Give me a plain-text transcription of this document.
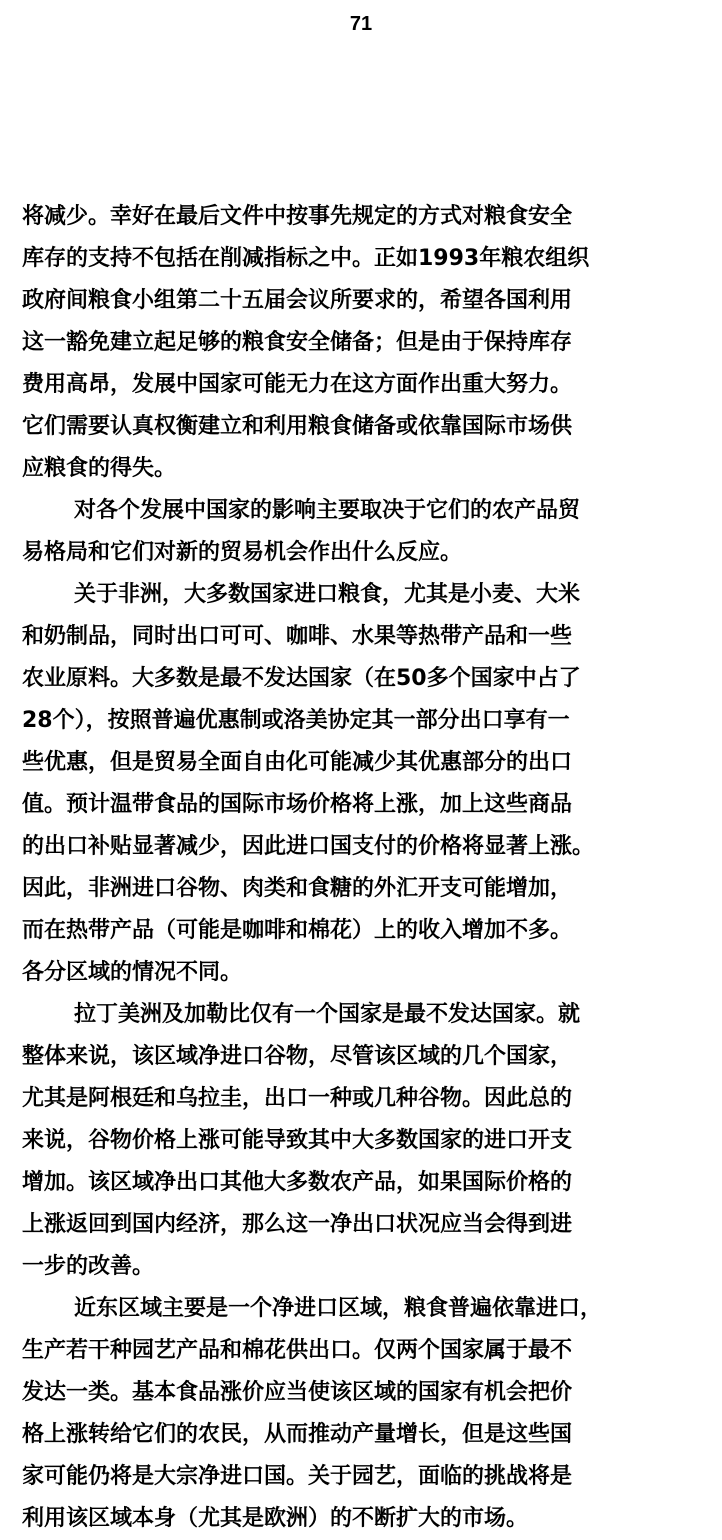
71
将减少。幸好在最后文件中按事先规定的方式对粮食安全
库存的支持不包括在削减指标之中。正如1993年粮农组织
政府间粮食小组第二十五届会议所要求的，希望各国利用
这一豁免建立起足够的粮食安全储备；但是由于保持库存
费用高昂，发展中国家可能无力在这方面作出重大努力。
它们需要认真权衡建立和利用粮食储备或依靠国际市场供
应粮食的得失。
对各个发展中国家的影响主要取决于它们的农产品贸
易格局和它们对新的贸易机会作出什么反应。
关于非洲，大多数国家进口粮食，尤其是小麦、大米
和奶制品，同时出口可可、咖啡、水果等热带产品和一些
农业原料。大多数是最不发达国家（在50多个国家中占了
28个），按照普遍优惠制或洛美协定其一部分出口享有一
些优惠，但是贸易全面自由化可能减少其优惠部分的出口
值。预计温带食品的国际市场价格将上涨，加上这些商品
的出口补贴显著减少，因此进口国支付的价格将显著上涨。
因此，非洲进口谷物、肉类和食糖的外汇开支可能增加，
而在热带产品（可能是咖啡和棉花）上的收入增加不多。
各分区域的情况不同。
拉丁美洲及加勒比仅有一个国家是最不发达国家。就
整体来说，该区域净进口谷物，尽管该区域的几个国家，
尤其是阿根廷和乌拉圭，出口一种或几种谷物。因此总的
来说，谷物价格上涨可能导致其中大多数国家的进口开支
增加。该区域净出口其他大多数农产品，如果国际价格的
上涨返回到国内经济，那么这一净出口状况应当会得到进
一步的改善。
近东区域主要是一个净进口区域，粮食普遍依靠进口，
生产若干种园艺产品和棉花供出口。仅两个国家属于最不
发达一类。基本食品涨价应当使该区域的国家有机会把价
格上涨转给它们的农民，从而推动产量增长，但是这些国
家可能仍将是大宗净进口国。关于园艺，面临的挑战将是
利用该区域本身（尤其是欧洲）的不断扩大的市场。
